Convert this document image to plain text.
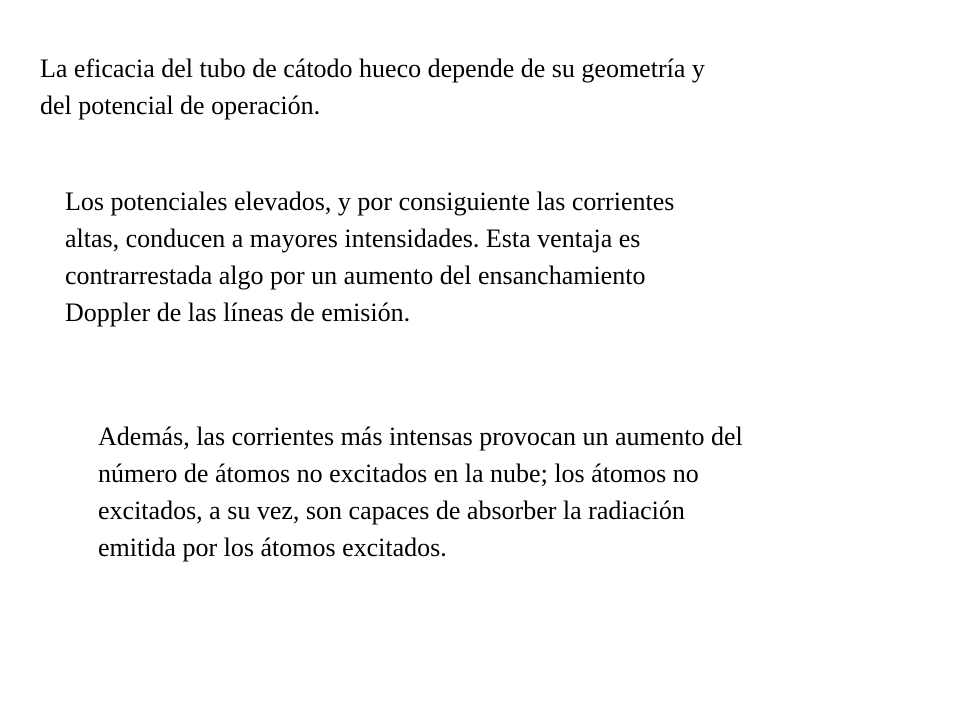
La eficacia del tubo de cátodo hueco depende de su geometría y
del potencial de operación.

Los potenciales elevados, y por consiguiente las corrientes
altas, conducen a mayores intensidades. Esta ventaja es
contrarrestada algo por un aumento del ensanchamiento
Doppler de las líneas de emisión.

Además, las corrientes más intensas provocan un aumento del
número de átomos no excitados en la nube; los átomos no
excitados, a su vez, son capaces de absorber la radiación
emitida por los átomos excitados.
